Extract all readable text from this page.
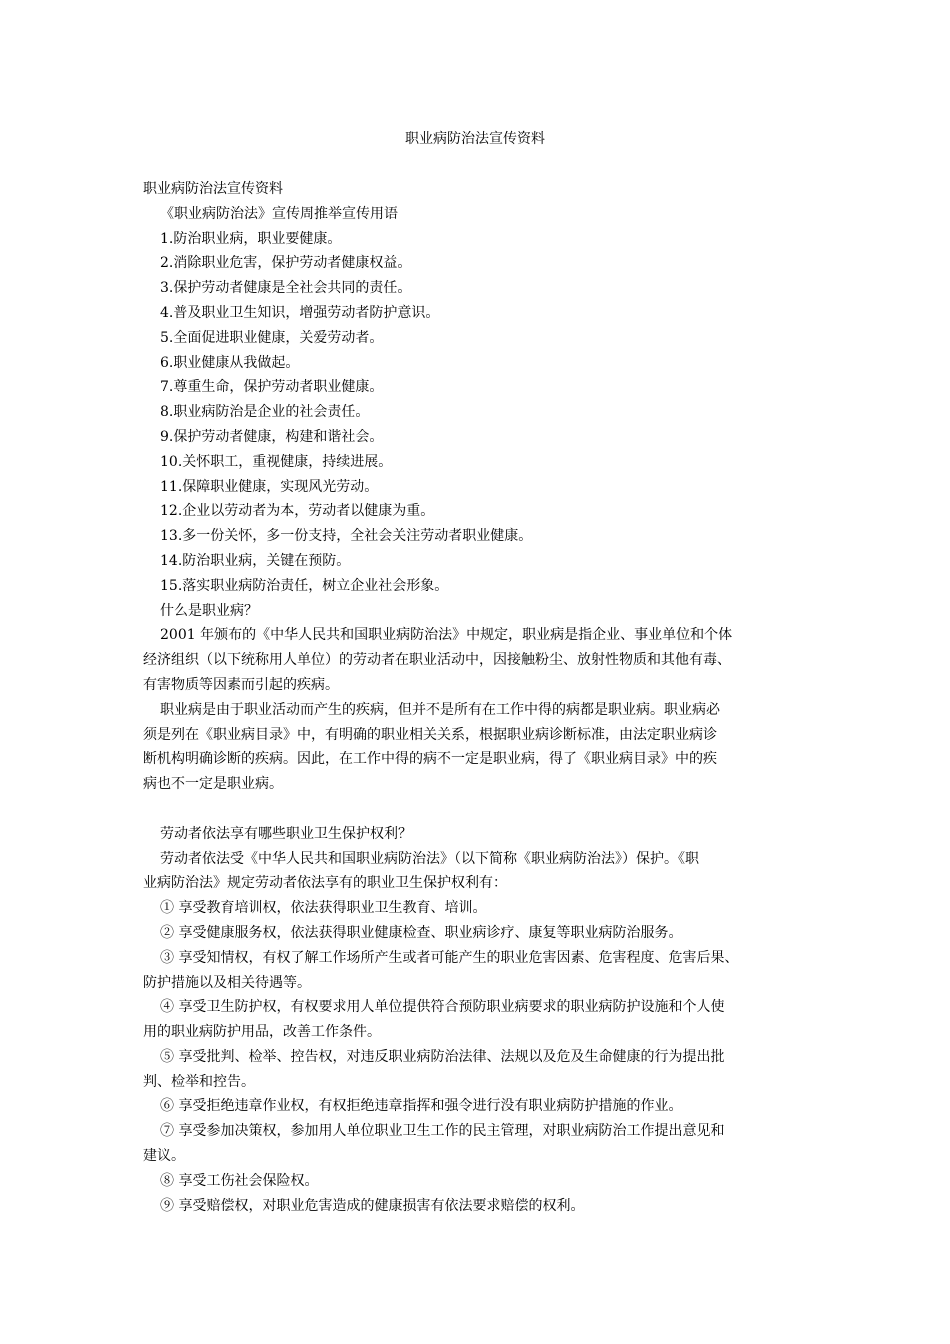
职业病防治法宣传资料

职业病防治法宣传资料

《职业病防治法》宣传周推举宣传用语

1.防治职业病，职业要健康。

2.消除职业危害，保护劳动者健康权益。

3.保护劳动者健康是全社会共同的责任。

4.普及职业卫生知识，增强劳动者防护意识。

5.全面促进职业健康，关爱劳动者。

6.职业健康从我做起。

7.尊重生命，保护劳动者职业健康。

8.职业病防治是企业的社会责任。

9.保护劳动者健康，构建和谐社会。

10.关怀职工，重视健康，持续进展。

11.保障职业健康，实现风光劳动。

12.企业以劳动者为本，劳动者以健康为重。

13.多一份关怀，多一份支持，全社会关注劳动者职业健康。

14.防治职业病，关键在预防。

15.落实职业病防治责任，树立企业社会形象。

什么是职业病？

2001 年颁布的《中华人民共和国职业病防治法》中规定，职业病是指企业、事业单位和个体

经济组织（以下统称用人单位）的劳动者在职业活动中，因接触粉尘、放射性物质和其他有毒、

有害物质等因素而引起的疾病。

职业病是由于职业活动而产生的疾病，但并不是所有在工作中得的病都是职业病。职业病必

须是列在《职业病目录》中，有明确的职业相关关系，根据职业病诊断标准，由法定职业病诊

断机构明确诊断的疾病。因此，在工作中得的病不一定是职业病，得了《职业病目录》中的疾

病也不一定是职业病。

劳动者依法享有哪些职业卫生保护权利？

劳动者依法受《中华人民共和国职业病防治法》（以下简称《职业病防治法》）保护。《职

业病防治法》规定劳动者依法享有的职业卫生保护权利有：

① 享受教育培训权，依法获得职业卫生教育、培训。

② 享受健康服务权，依法获得职业健康检查、职业病诊疗、康复等职业病防治服务。

③ 享受知情权，有权了解工作场所产生或者可能产生的职业危害因素、危害程度、危害后果、

防护措施以及相关待遇等。

④ 享受卫生防护权，有权要求用人单位提供符合预防职业病要求的职业病防护设施和个人使

用的职业病防护用品，改善工作条件。

⑤ 享受批判、检举、控告权，对违反职业病防治法律、法规以及危及生命健康的行为提出批

判、检举和控告。

⑥ 享受拒绝违章作业权，有权拒绝违章指挥和强令进行没有职业病防护措施的作业。

⑦ 享受参加决策权，参加用人单位职业卫生工作的民主管理，对职业病防治工作提出意见和

建议。

⑧ 享受工伤社会保险权。

⑨ 享受赔偿权，对职业危害造成的健康损害有依法要求赔偿的权利。
